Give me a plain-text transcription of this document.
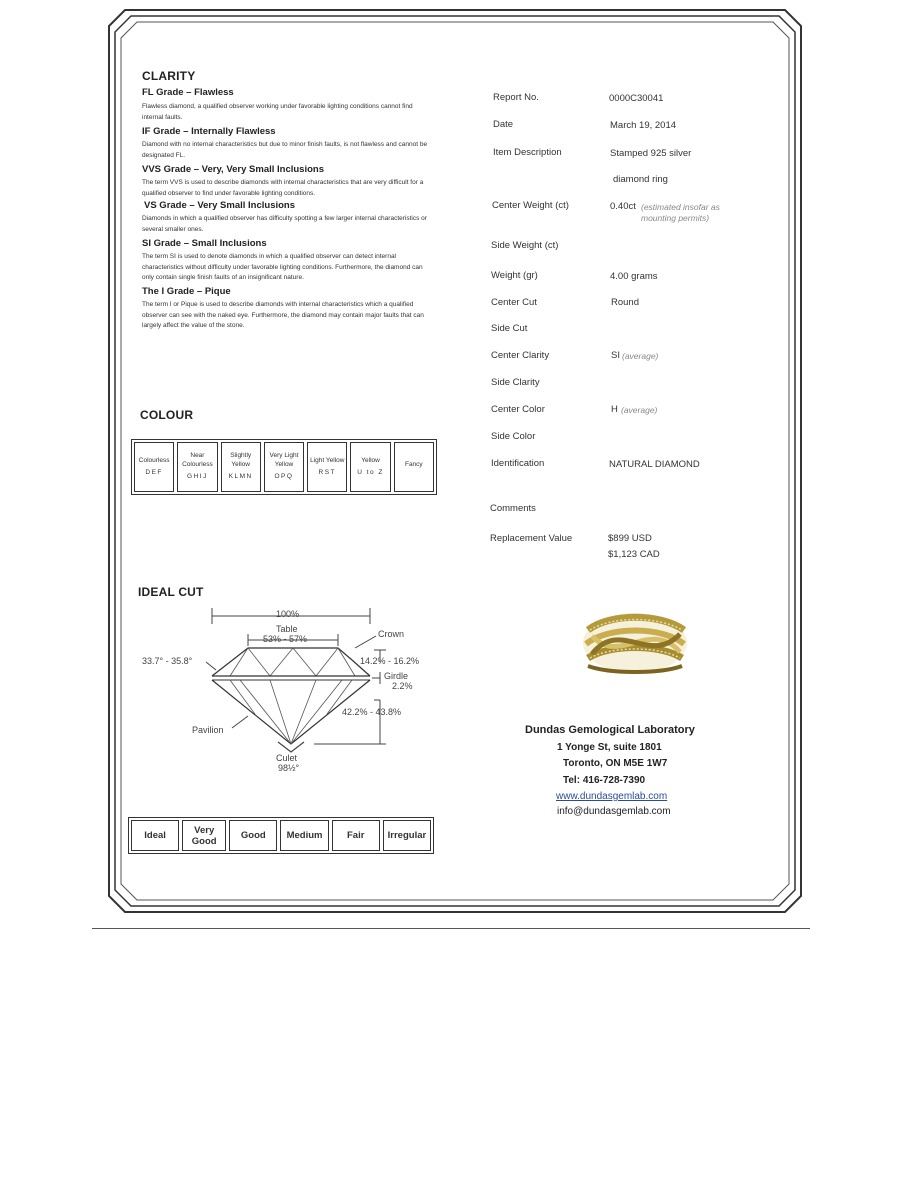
CLARITY
FL Grade – Flawless
Flawless diamond, a qualified observer working under favorable lighting conditions cannot find internal faults.
IF Grade – Internally Flawless
Diamond with no internal characteristics but due to minor finish faults, is not flawless and cannot be designated FL.
VVS Grade – Very, Very Small Inclusions
The term VVS is used to describe diamonds with internal characteristics that are very difficult for a qualified observer to find under favorable lighting conditions.
VS Grade – Very Small Inclusions
Diamonds in which a qualified observer has difficulty spotting a few larger internal characteristics or several smaller ones.
SI Grade – Small Inclusions
The term SI is used to denote diamonds in which a qualified observer can detect internal characteristics without difficulty under favorable lighting conditions. Furthermore, the diamond can only contain single finish faults of an insignificant nature.
The I Grade – Pique
The term I or Pique is used to describe diamonds with internal characteristics which a qualified observer can see with the naked eye. Furthermore, the diamond may contain major faults that can largely affect the value of the stone.
COLOUR
Colourless
DEF
Near Colourless
GHIJ
Slightly Yellow
KLMN
Very Light Yellow
OPQ
Light Yellow
RST
Yellow
U to Z
Fancy
IDEAL CUT
100%
Table
53% - 57%	Crown
33.7° - 35.8°	14.2% - 16.2%
Girdle
2.2%
42.2% - 43.8%
Pavilion
Culet
98½°
Ideal	Very Good	Good	Medium	Fair	Irregular
Report No.	0000C30041
Date	March 19, 2014
Item Description	Stamped 925 silver
diamond ring
Center Weight (ct)	0.40ct (estimated insofar as mounting permits)
Side Weight (ct)
Weight (gr)	4.00 grams
Center Cut	Round
Side Cut
Center Clarity	SI (average)
Side Clarity
Center Color	H (average)
Side Color
Identification	NATURAL DIAMOND
Comments
Replacement Value	$899 USD
$1,123 CAD
Dundas Gemological Laboratory
1 Yonge St, suite 1801
Toronto, ON M5E 1W7
Tel: 416-728-7390
www.dundasgemlab.com
info@dundasgemlab.com
